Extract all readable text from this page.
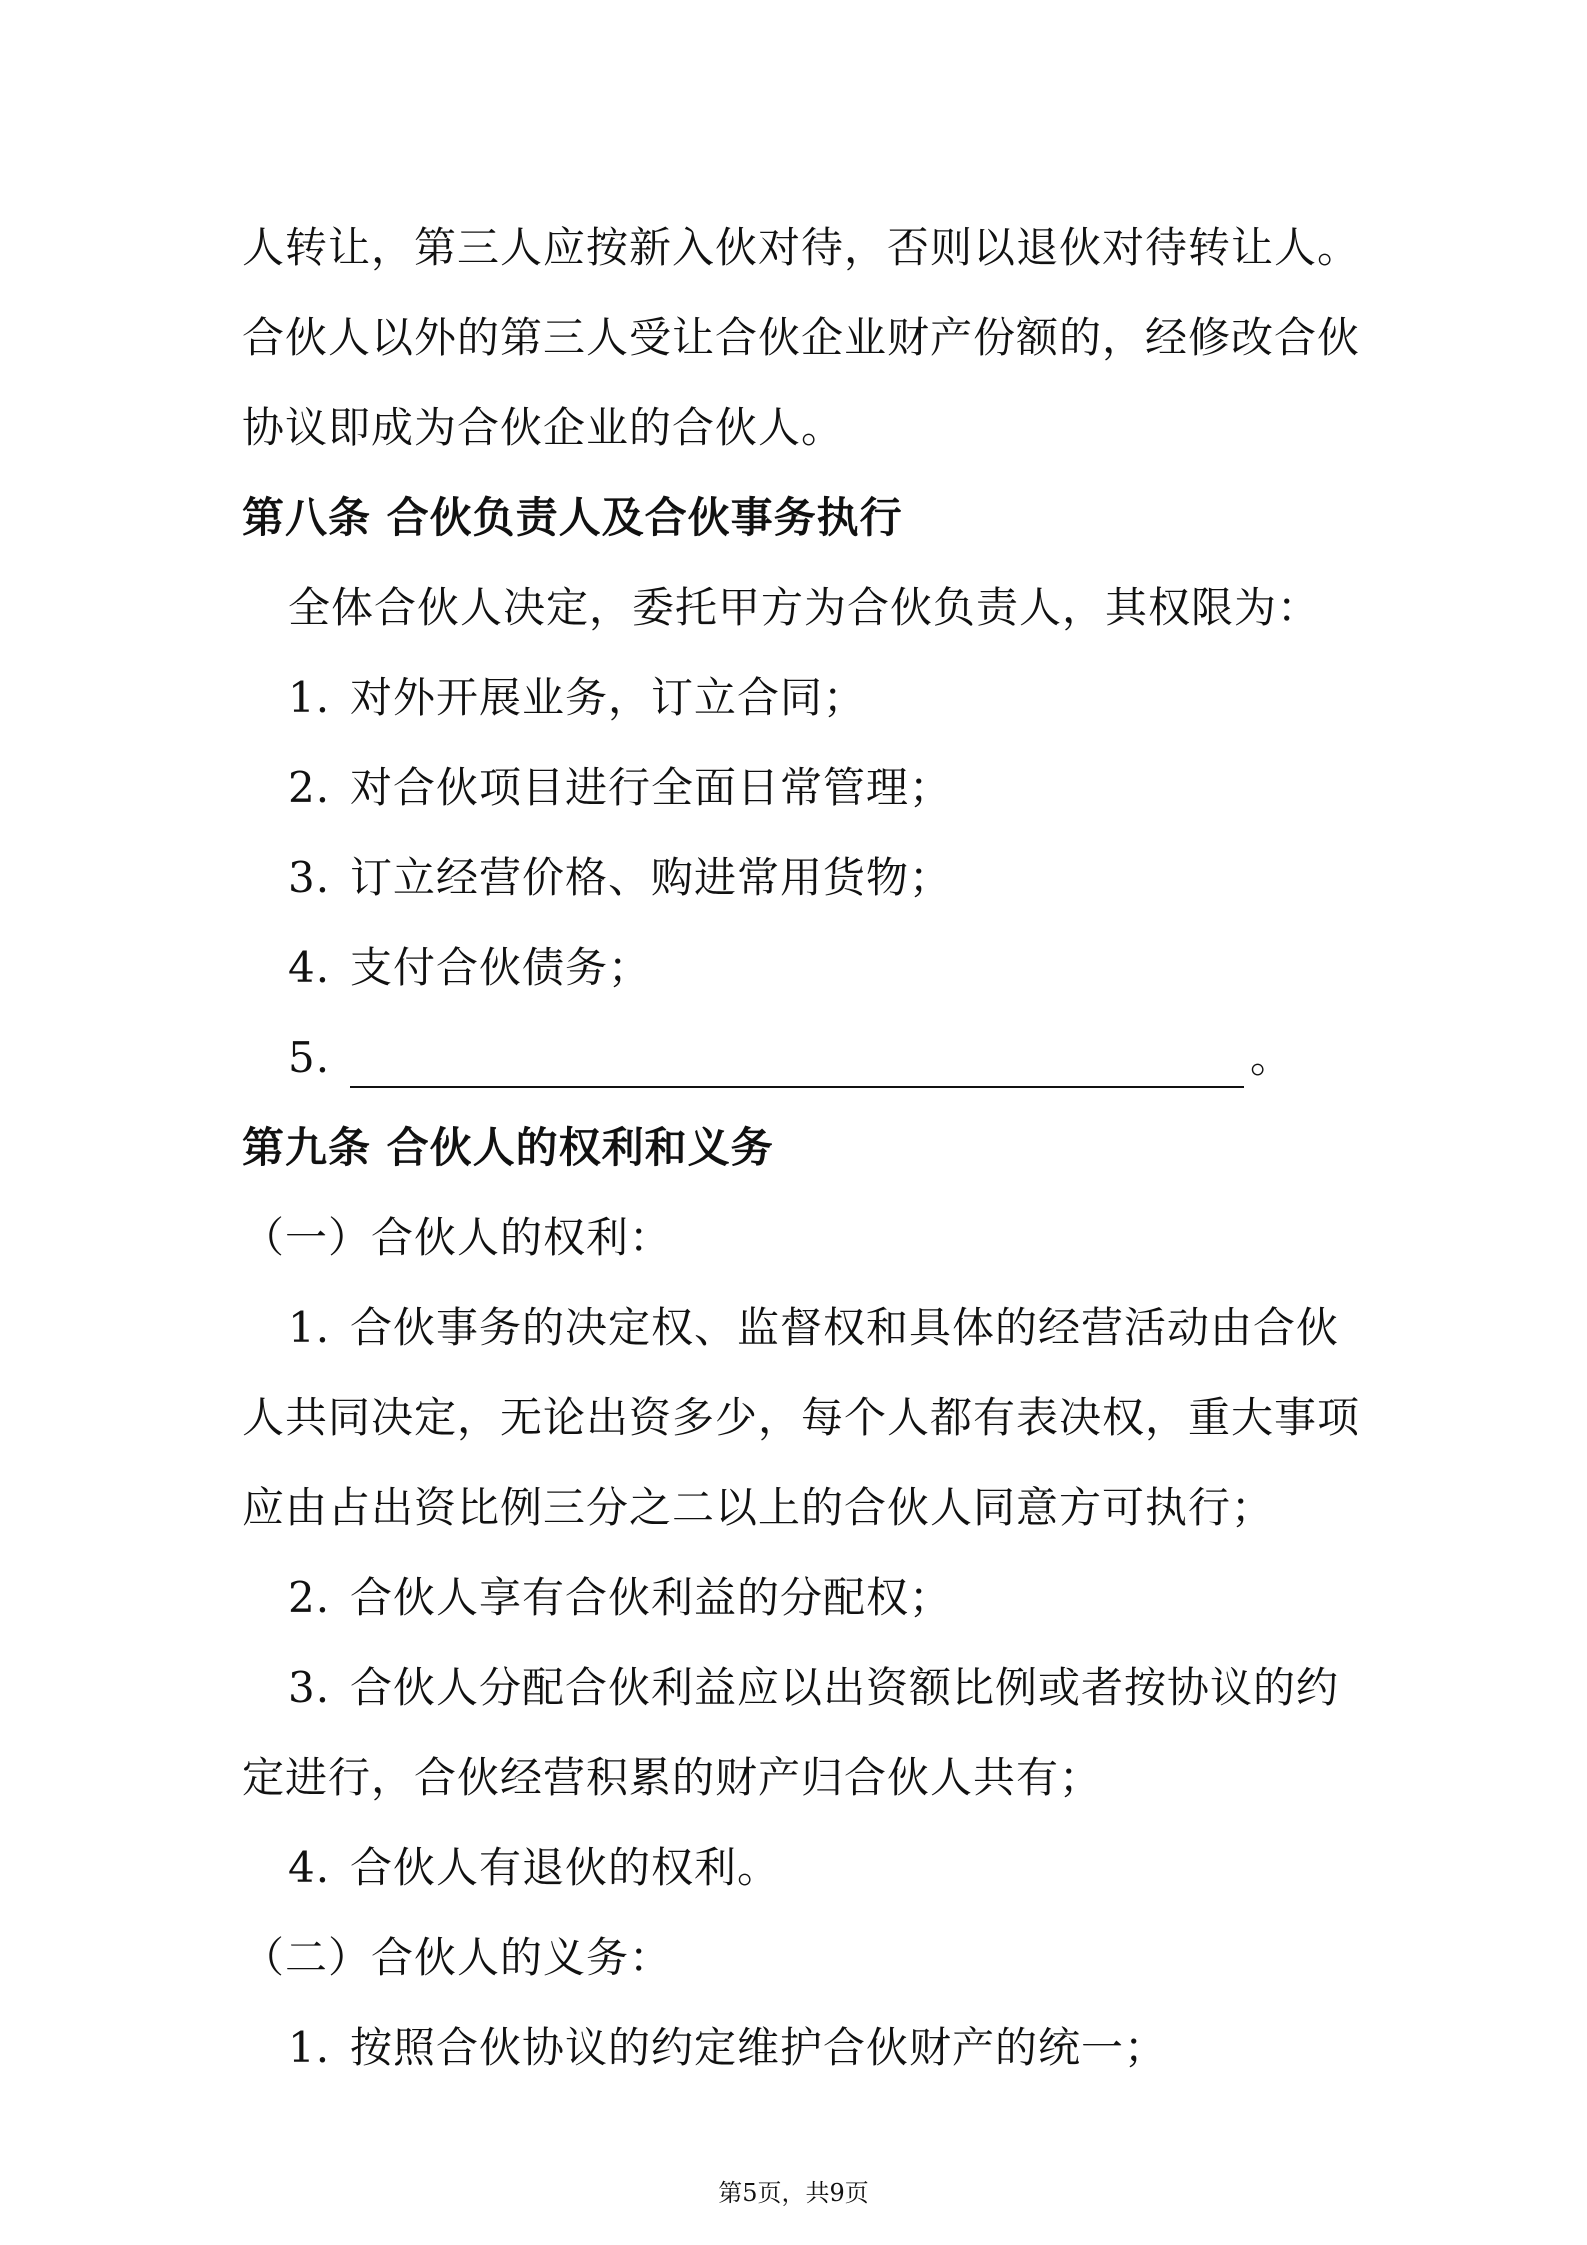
人转让，第三人应按新入伙对待，否则以退伙对待转让人。
合伙人以外的第三人受让合伙企业财产份额的，经修改合伙
协议即成为合伙企业的合伙人。
第八条 合伙负责人及合伙事务执行
全体合伙人决定，委托甲方为合伙负责人，其权限为：
1. 对外开展业务，订立合同；
2. 对合伙项目进行全面日常管理；
3. 订立经营价格、购进常用货物；
4. 支付合伙债务；
5.	。
第九条 合伙人的权利和义务
（一）合伙人的权利：
1. 合伙事务的决定权、监督权和具体的经营活动由合伙
人共同决定，无论出资多少，每个人都有表决权，重大事项
应由占出资比例三分之二以上的合伙人同意方可执行；
2. 合伙人享有合伙利益的分配权；
3. 合伙人分配合伙利益应以出资额比例或者按协议的约
定进行，合伙经营积累的财产归合伙人共有；
4. 合伙人有退伙的权利。
（二）合伙人的义务：
1. 按照合伙协议的约定维护合伙财产的统一；
第5页，共9页
